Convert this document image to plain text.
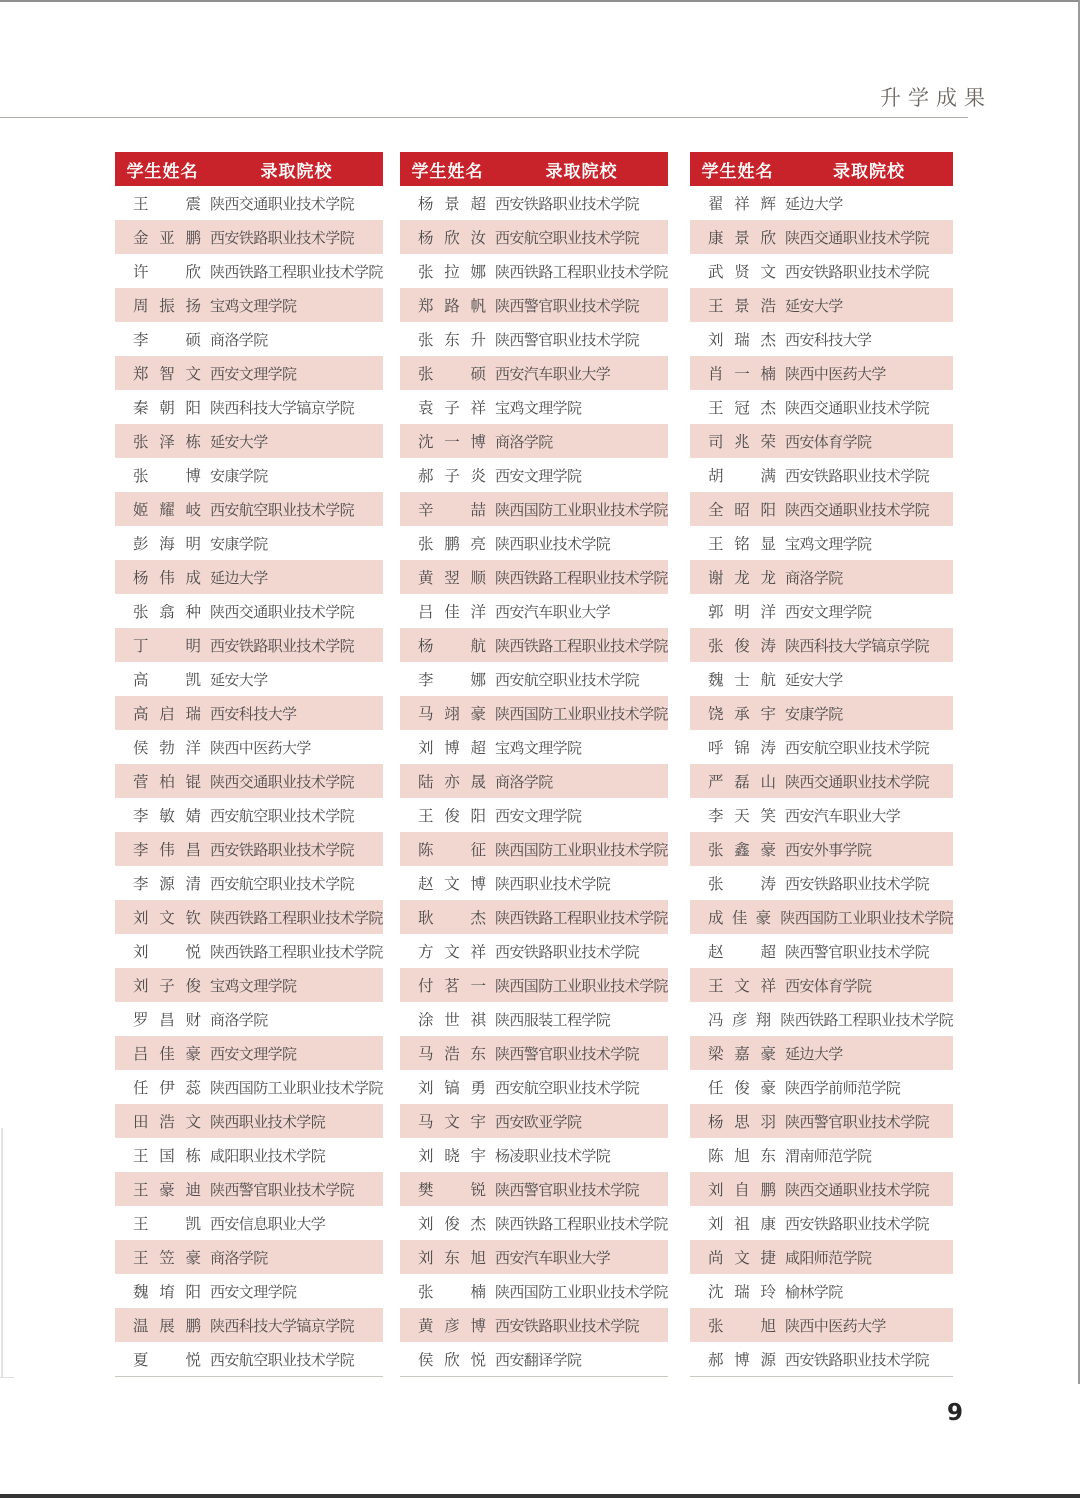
升学成果
学生姓名	录取院校
王　震 陕西交通职业技术学院
金亚鹏 西安铁路职业技术学院
许　欣 陕西铁路工程职业技术学院
周振扬 宝鸡文理学院
李　硕 商洛学院
郑智文 西安文理学院
秦朝阳 陕西科技大学镐京学院
张泽栋 延安大学
张　博 安康学院
姬耀岐 西安航空职业技术学院
彭海明 安康学院
杨伟成 延边大学
张翕种 陕西交通职业技术学院
丁　明 西安铁路职业技术学院
高　凯 延安大学
高启瑞 西安科技大学
侯勃洋 陕西中医药大学
菅柏锟 陕西交通职业技术学院
李敏婧 西安航空职业技术学院
李伟昌 西安铁路职业技术学院
李源清 西安航空职业技术学院
刘文钦 陕西铁路工程职业技术学院
刘　悦 陕西铁路工程职业技术学院
刘子俊 宝鸡文理学院
罗昌财 商洛学院
吕佳豪 西安文理学院
任伊蕊 陕西国防工业职业技术学院
田浩文 陕西职业技术学院
王国栋 咸阳职业技术学院
王豪迪 陕西警官职业技术学院
王　凯 西安信息职业大学
王笠豪 商洛学院
魏堉阳 西安文理学院
温展鹏 陕西科技大学镐京学院
夏　悦 西安航空职业技术学院
学生姓名	录取院校
杨景超 西安铁路职业技术学院
杨欣汝 西安航空职业技术学院
张拉娜 陕西铁路工程职业技术学院
郑路帆 陕西警官职业技术学院
张东升 陕西警官职业技术学院
张　硕 西安汽车职业大学
袁子祥 宝鸡文理学院
沈一博 商洛学院
郝子炎 西安文理学院
辛　喆 陕西国防工业职业技术学院
张鹏亮 陕西职业技术学院
黄翌顺 陕西铁路工程职业技术学院
吕佳洋 西安汽车职业大学
杨　航 陕西铁路工程职业技术学院
李　娜 西安航空职业技术学院
马翊豪 陕西国防工业职业技术学院
刘博超 宝鸡文理学院
陆亦晟 商洛学院
王俊阳 西安文理学院
陈　征 陕西国防工业职业技术学院
赵文博 陕西职业技术学院
耿　杰 陕西铁路工程职业技术学院
方文祥 西安铁路职业技术学院
付茗一 陕西国防工业职业技术学院
涂世祺 陕西服装工程学院
马浩东 陕西警官职业技术学院
刘镐勇 西安航空职业技术学院
马文宇 西安欧亚学院
刘晓宇 杨凌职业技术学院
樊　锐 陕西警官职业技术学院
刘俊杰 陕西铁路工程职业技术学院
刘东旭 西安汽车职业大学
张　楠 陕西国防工业职业技术学院
黄彦博 西安铁路职业技术学院
侯欣悦 西安翻译学院
学生姓名	录取院校
翟祥辉 延边大学
康景欣 陕西交通职业技术学院
武贤文 西安铁路职业技术学院
王景浩 延安大学
刘瑞杰 西安科技大学
肖一楠 陕西中医药大学
王冠杰 陕西交通职业技术学院
司兆荣 西安体育学院
胡　满 西安铁路职业技术学院
全昭阳 陕西交通职业技术学院
王铭显 宝鸡文理学院
谢龙龙 商洛学院
郭明洋 西安文理学院
张俊涛 陕西科技大学镐京学院
魏士航 延安大学
饶承宇 安康学院
呼锦涛 西安航空职业技术学院
严磊山 陕西交通职业技术学院
李天笑 西安汽车职业大学
张鑫豪 西安外事学院
张　涛 西安铁路职业技术学院
成佳豪 陕西国防工业职业技术学院
赵　超 陕西警官职业技术学院
王文祥 西安体育学院
冯彦翔 陕西铁路工程职业技术学院
梁嘉豪 延边大学
任俊豪 陕西学前师范学院
杨思羽 陕西警官职业技术学院
陈旭东 渭南师范学院
刘自鹏 陕西交通职业技术学院
刘祖康 西安铁路职业技术学院
尚文捷 咸阳师范学院
沈瑞玲 榆林学院
张　旭 陕西中医药大学
郝博源 西安铁路职业技术学院
9
